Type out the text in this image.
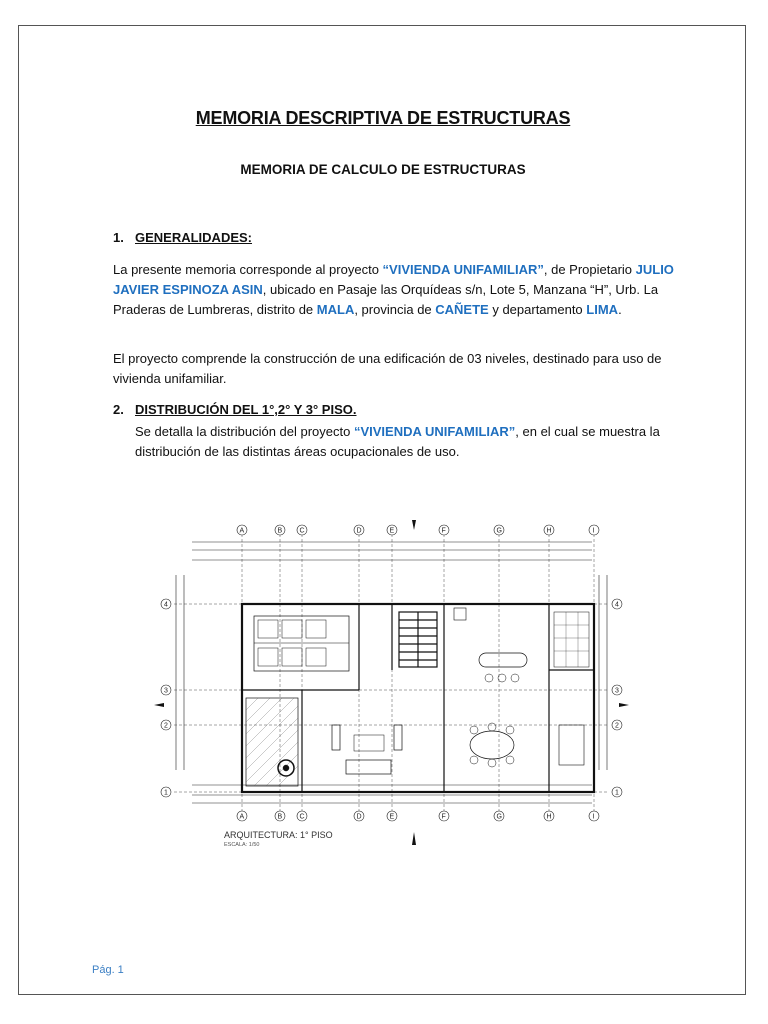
MEMORIA DESCRIPTIVA DE ESTRUCTURAS
MEMORIA DE CALCULO DE ESTRUCTURAS
1. GENERALIDADES:
La presente memoria corresponde al proyecto “VIVIENDA UNIFAMILIAR”, de Propietario JULIO JAVIER ESPINOZA ASIN, ubicado en Pasaje las Orquídeas s/n, Lote 5, Manzana “H”, Urb. La Praderas de Lumbreras, distrito de MALA, provincia de CAÑETE y departamento LIMA.
El proyecto comprende la construcción de una edificación de 03 niveles, destinado para uso de vivienda unifamiliar.
2. DISTRIBUCIÓN DEL 1°,2° Y 3° PISO.
Se detalla la distribución del proyecto “VIVIENDA UNIFAMILIAR”, en el cual se muestra la distribución de las distintas áreas ocupacionales de uso.
A	B C	D	E	F	G	H	I
A	B C	D	E	F	G	H	I
4
3
2
1
4
3
2
1
ARQUITECTURA: 1° PISO
ESCALA: 1/50
Pág. 1
